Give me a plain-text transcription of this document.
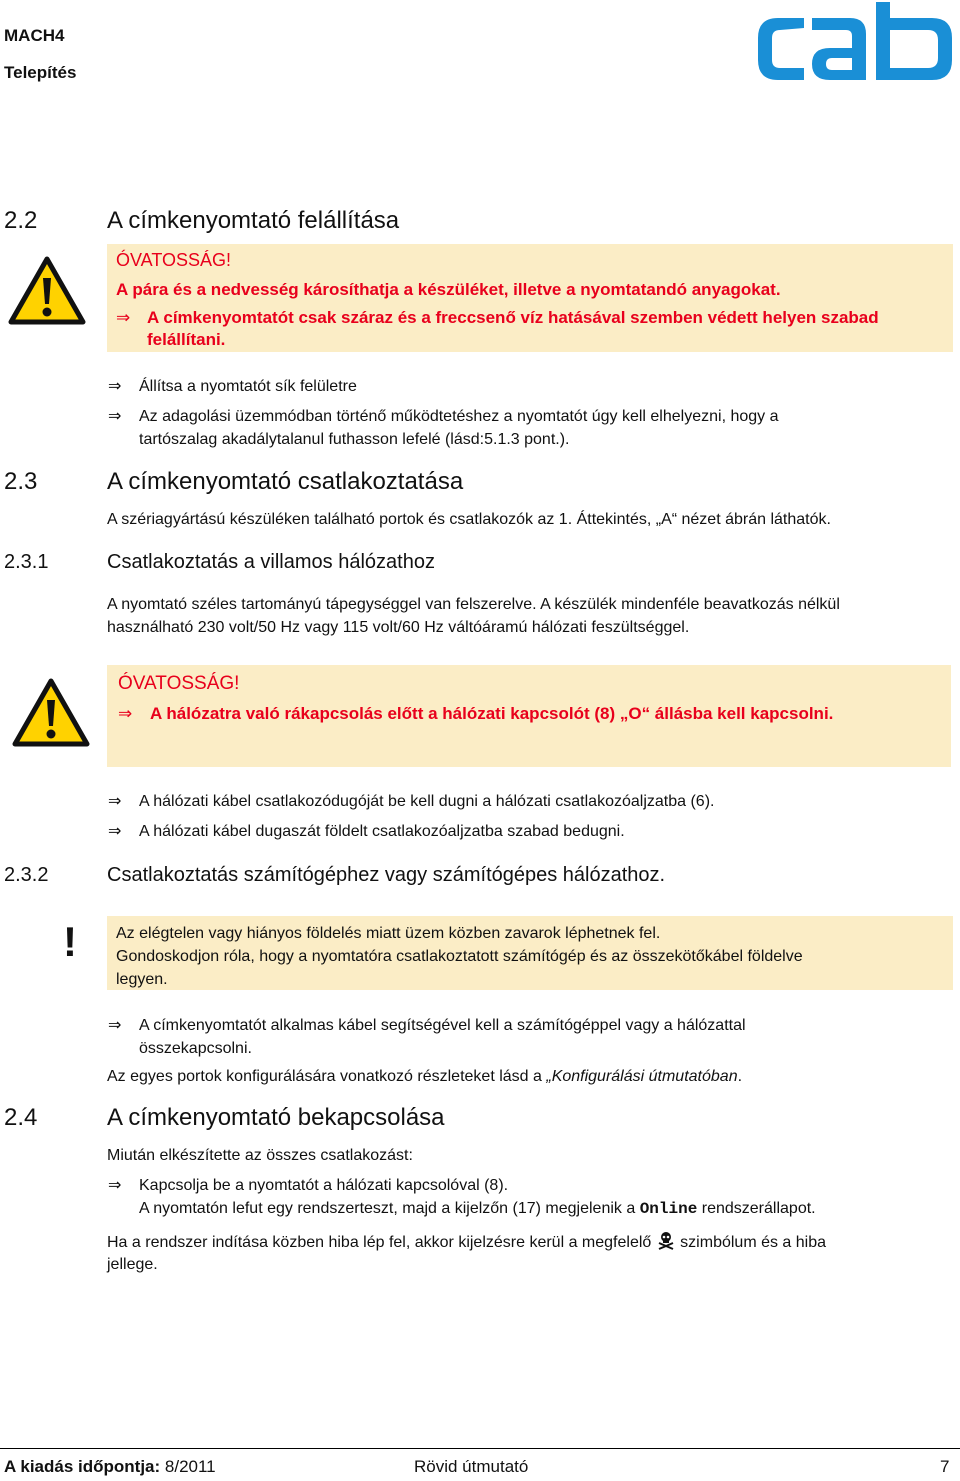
MACH4
Telepítés
2.2	A címkenyomtató felállítása
ÓVATOSSÁG!
A pára és a nedvesség károsíthatja a készüléket, illetve a nyomtatandó anyagokat.
⇒ A címkenyomtatót csak száraz és a freccsenő víz hatásával szemben védett helyen szabad
felállítani.
⇒ Állítsa a nyomtatót sík felületre
⇒ Az adagolási üzemmódban történő működtetéshez a nyomtatót úgy kell elhelyezni, hogy a
tartószalag akadálytalanul futhasson lefelé (lásd:5.1.3 pont.).
2.3	A címkenyomtató csatlakoztatása
A szériagyártású készüléken található portok és csatlakozók az 1. Áttekintés, „A“ nézet ábrán láthatók.
2.3.1	Csatlakoztatás a villamos hálózathoz
A nyomtató széles tartományú tápegységgel van felszerelve. A készülék mindenféle beavatkozás nélkül
használható 230 volt/50 Hz vagy 115 volt/60 Hz váltóáramú hálózati feszültséggel.
ÓVATOSSÁG!
⇒ A hálózatra való rákapcsolás előtt a hálózati kapcsolót (8) „O“ állásba kell kapcsolni.
⇒ A hálózati kábel csatlakozódugóját be kell dugni a hálózati csatlakozóaljzatba (6).
⇒ A hálózati kábel dugaszát földelt csatlakozóaljzatba szabad bedugni.
2.3.2	Csatlakoztatás számítógéphez vagy számítógépes hálózathoz.
! Az elégtelen vagy hiányos földelés miatt üzem közben zavarok léphetnek fel.
Gondoskodjon róla, hogy a nyomtatóra csatlakoztatott számítógép és az összekötőkábel földelve
legyen.
⇒ A címkenyomtatót alkalmas kábel segítségével kell a számítógéppel vagy a hálózattal
összekapcsolni.
Az egyes portok konfigurálására vonatkozó részleteket lásd a „Konfigurálási útmutatóban.
2.4	A címkenyomtató bekapcsolása
Miután elkészítette az összes csatlakozást:
⇒ Kapcsolja be a nyomtatót a hálózati kapcsolóval (8).
A nyomtatón lefut egy rendszerteszt, majd a kijelzőn (17) megjelenik a Online rendszerállapot.
Ha a rendszer indítása közben hiba lép fel, akkor kijelzésre kerül a megfelelő  szimbólum és a hiba
jellege.
A kiadás időpontja: 8/2011	Rövid útmutató	7
